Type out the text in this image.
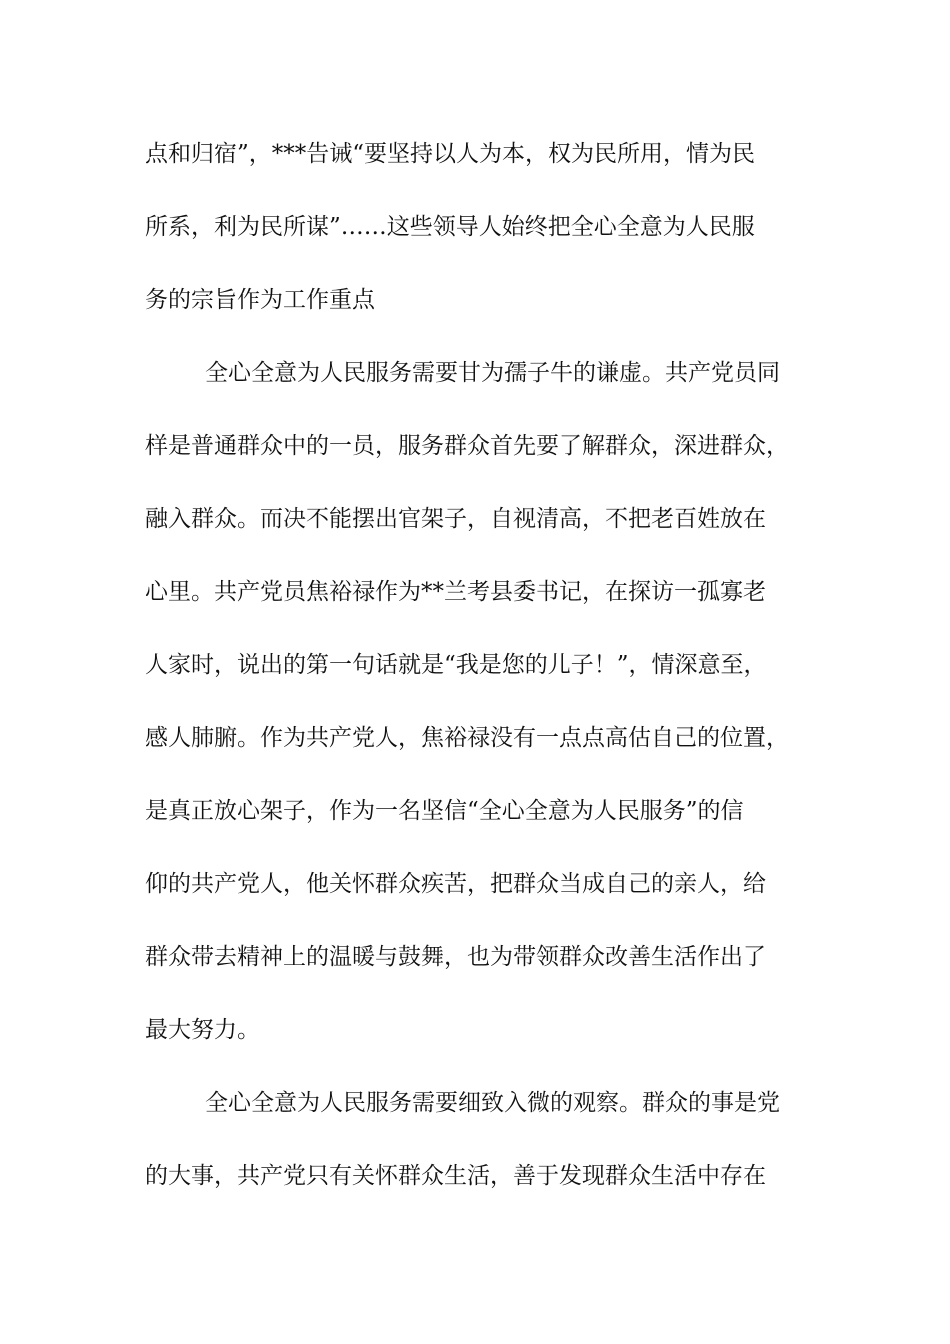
点和归宿”，***告诫“要坚持以人为本，权为民所用，情为民
所系，利为民所谋”……这些领导人始终把全心全意为人民服
务的宗旨作为工作重点
全心全意为人民服务需要甘为孺子牛的谦虚。共产党员同
样是普通群众中的一员，服务群众首先要了解群众，深进群众，
融入群众。而决不能摆出官架子，自视清高，不把老百姓放在
心里。共产党员焦裕禄作为**兰考县委书记，在探访一孤寡老
人家时，说出的第一句话就是“我是您的儿子！”，情深意至，
感人肺腑。作为共产党人，焦裕禄没有一点点高估自己的位置，
是真正放心架子，作为一名坚信“全心全意为人民服务”的信
仰的共产党人，他关怀群众疾苦，把群众当成自己的亲人，给
群众带去精神上的温暖与鼓舞，也为带领群众改善生活作出了
最大努力。
全心全意为人民服务需要细致入微的观察。群众的事是党
的大事，共产党只有关怀群众生活，善于发现群众生活中存在
